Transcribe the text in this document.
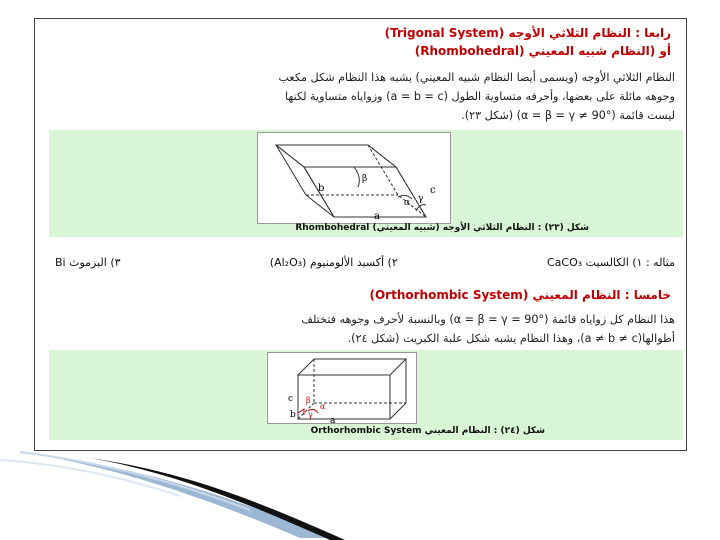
رابعا : النظام الثلاثي الأوجه (Trigonal System)
أو (النظام شبيه المعيني (Rhombohedral)
النظام الثلاثي الأوجه (ويسمى أيضا النظام شبيه المعيني) يشبه هذا النظام شكل مكعب
وجوهه مائلة على بعضها، وأحرفه متساوية الطول (a = b = c) وزواياه متساوية لكنها
ليست قائمة (α = β = γ ≠ 90°) (شكل ٢٣).
b
a
c
β
α γ
شكل (٢٣) : النظام الثلاثي الأوجه (شبيه المعيني) Rhombohedral
مثاله : ١) الكالسيت CaCO₃
٢) أكسيد الألومنيوم (Al₂O₃)
٣) البزموث Bi
خامسا : النظام المعيني (Orthorhombic System)
هذا النظام كل زواياه قائمة (α = β = γ = 90°) وبالنسبة لأحرف وجوهه فتختلف
أطوالها(a ≠ b ≠ c)، وهذا النظام يشبه شكل علبة الكبريت (شكل ٢٤).
c
b
a
β
α
γ
شكل (٢٤) : النظام المعيني Orthorhombic System
